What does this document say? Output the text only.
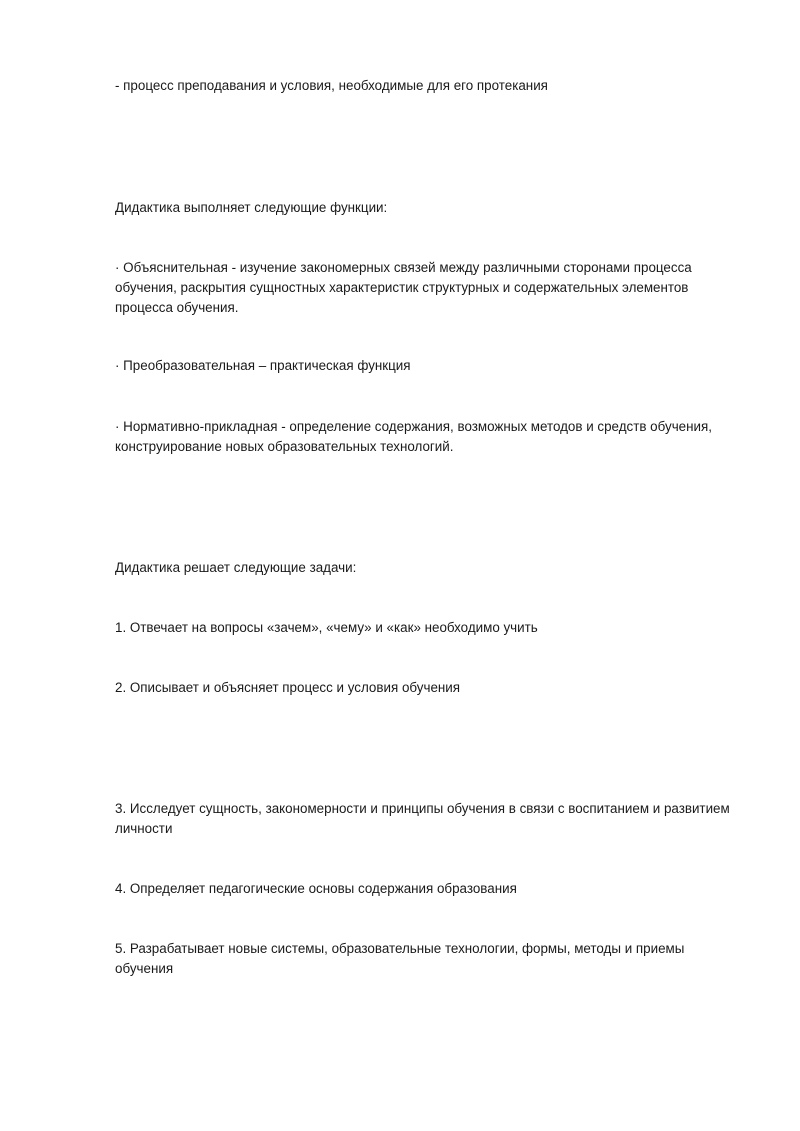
- процесс преподавания и условия, необходимые для его протекания

Дидактика выполняет следующие функции:

· Объяснительная - изучение закономерных связей между различными сторонами процесса обучения, раскрытия сущностных характеристик структурных и содержательных элементов процесса обучения.

· Преобразовательная – практическая функция

· Нормативно-прикладная - определение содержания, возможных методов и средств обучения, конструирование новых образовательных технологий.

Дидактика решает следующие задачи:

1. Отвечает на вопросы «зачем», «чему» и «как» необходимо учить

2. Описывает и объясняет процесс и условия обучения

3. Исследует сущность, закономерности и принципы обучения в связи с воспитанием и развитием личности

4. Определяет педагогические основы содержания образования

5. Разрабатывает новые системы, образовательные технологии, формы, методы и приемы обучения
